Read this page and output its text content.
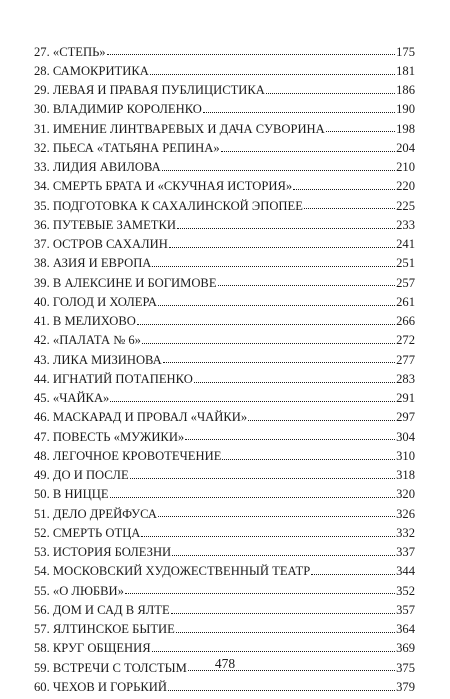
27. «СТЕПЬ»	175
28. САМОКРИТИКА	181
29. ЛЕВАЯ И ПРАВАЯ ПУБЛИЦИСТИКА	186
30. ВЛАДИМИР КОРОЛЕНКО	190
31. ИМЕНИЕ ЛИНТВАРЕВЫХ И ДАЧА СУВОРИНА	198
32. ПЬЕСА «ТАТЬЯНА РЕПИНА»	204
33. ЛИДИЯ АВИЛОВА	210
34. СМЕРТЬ БРАТА И «СКУЧНАЯ ИСТОРИЯ»	220
35. ПОДГОТОВКА К САХАЛИНСКОЙ ЭПОПЕЕ	225
36. ПУТЕВЫЕ ЗАМЕТКИ	233
37. ОСТРОВ САХАЛИН	241
38. АЗИЯ И ЕВРОПА	251
39. В АЛЕКСИНЕ И БОГИМОВЕ	257
40. ГОЛОД И ХОЛЕРА	261
41. В МЕЛИХОВО	266
42. «ПАЛАТА № 6»	272
43. ЛИКА МИЗИНОВА	277
44. ИГНАТИЙ ПОТАПЕНКО	283
45. «ЧАЙКА»	291
46. МАСКАРАД И ПРОВАЛ «ЧАЙКИ»	297
47. ПОВЕСТЬ «МУЖИКИ»	304
48. ЛЕГОЧНОЕ КРОВОТЕЧЕНИЕ	310
49. ДО И ПОСЛЕ	318
50. В НИЦЦЕ	320
51. ДЕЛО ДРЕЙФУСА	326
52. СМЕРТЬ ОТЦА	332
53. ИСТОРИЯ БОЛЕЗНИ	337
54. МОСКОВСКИЙ ХУДОЖЕСТВЕННЫЙ ТЕАТР	344
55. «О ЛЮБВИ»	352
56. ДОМ И САД В ЯЛТЕ	357
57. ЯЛТИНСКОЕ БЫТИЕ	364
58. КРУГ ОБЩЕНИЯ	369
59. ВСТРЕЧИ С ТОЛСТЫМ	375
60. ЧЕХОВ И ГОРЬКИЙ	379
478
